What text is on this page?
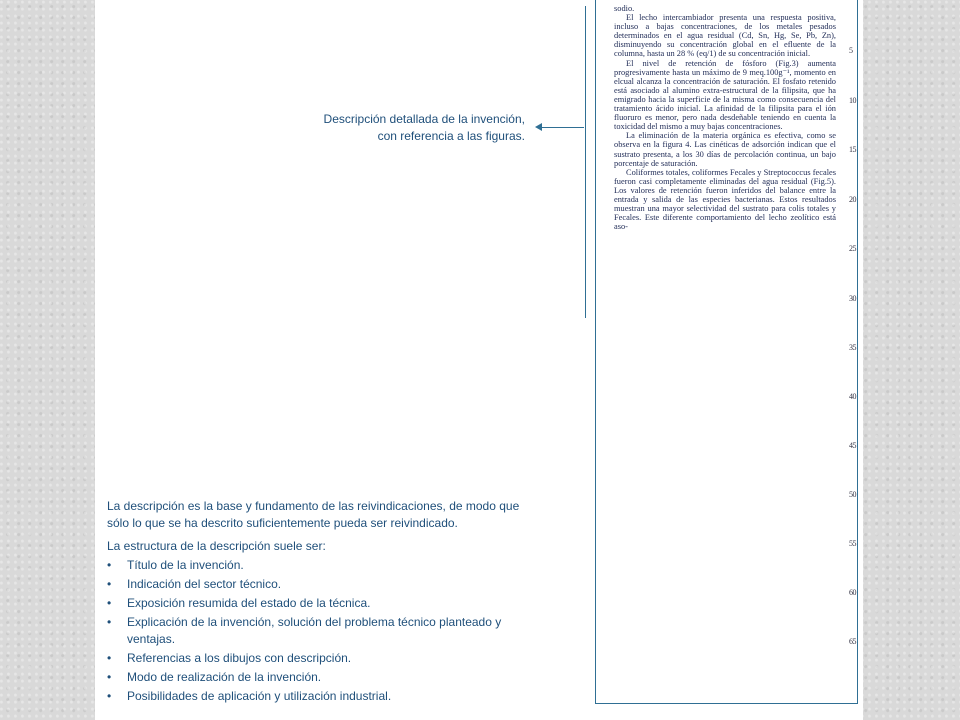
sodio.

El lecho intercambiador presenta una respuesta positiva, incluso a bajas concentraciones, de los metales pesados determinados en el agua residual (Cd, Sn, Hg, Se, Pb, Zn), disminuyendo su concentración global en el efluente de la columna, hasta un 28 % (eq/1) de su concentración inicial.

El nivel de retención de fósforo (Fig.3) aumenta progresivamente hasta un máximo de 9 meq.100g⁻¹, momento en elcual alcanza la concentración de saturación. El fosfato retenido está asociado al alumino extra-estructural de la filipsita, que ha emigrado hacia la superficie de la misma como consecuencia del tratamiento ácido inicial. La afinidad de la filipsita para el ión fluoruro es menor, pero nada desdeñable teniendo en cuenta la toxicidad del mismo a muy bajas concentraciones.

La eliminación de la materia orgánica es efectiva, como se observa en la figura 4. Las cinéticas de adsorción indican que el sustrato presenta, a los 30 días de percolación continua, un bajo porcentaje de saturación.

Coliformes totales, coliformes Fecales y Streptococcus fecales fueron casi completamente eliminadas del agua residual (Fig.5). Los valores de retención fueron inferidos del balance entre la entrada y salida de las especies bacterianas. Estos resultados muestran una mayor selectividad del sustrato para colis totales y Fecales. Este diferente comportamiento del lecho zeolítico está aso-

5
10
15
20
25
30
35
40
45
50
55
60
65
Descripción detallada de la invención,
con referencia a las figuras.

La descripción es la base y fundamento de las reivindicaciones, de modo que sólo lo que se ha descrito suficientemente pueda ser reivindicado.

La estructura de la descripción suele ser:

• Título de la invención.
• Indicación del sector técnico.
• Exposición resumida del estado de la técnica.
• Explicación de la invención, solución del problema técnico planteado y ventajas.
• Referencias a los dibujos con descripción.
• Modo de realización de la invención.
• Posibilidades de aplicación y utilización industrial.
